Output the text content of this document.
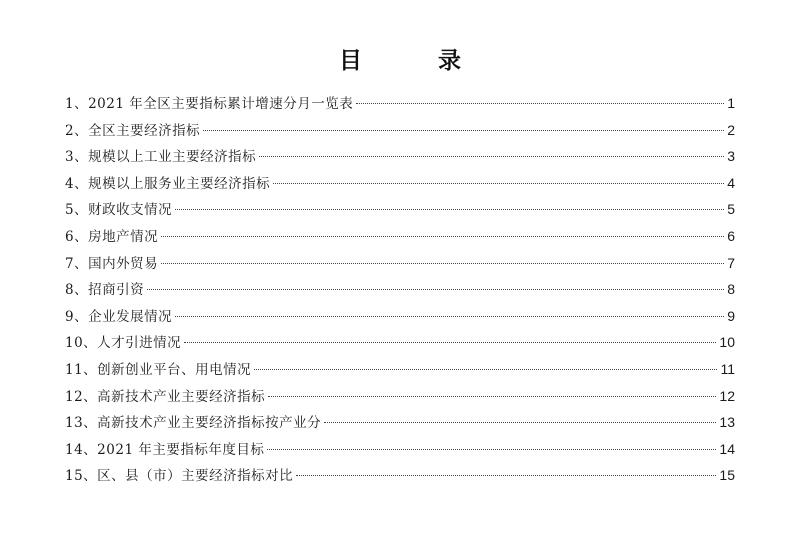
目 录
1、2021 年全区主要指标累计增速分月一览表	1
2、全区主要经济指标	2
3、规模以上工业主要经济指标	3
4、规模以上服务业主要经济指标	4
5、财政收支情况	5
6、房地产情况	6
7、国内外贸易	7
8、招商引资	8
9、企业发展情况	9
10、人才引进情况	10
11、创新创业平台、用电情况	11
12、高新技术产业主要经济指标	12
13、高新技术产业主要经济指标按产业分	13
14、2021 年主要指标年度目标	14
15、区、县（市）主要经济指标对比	15
